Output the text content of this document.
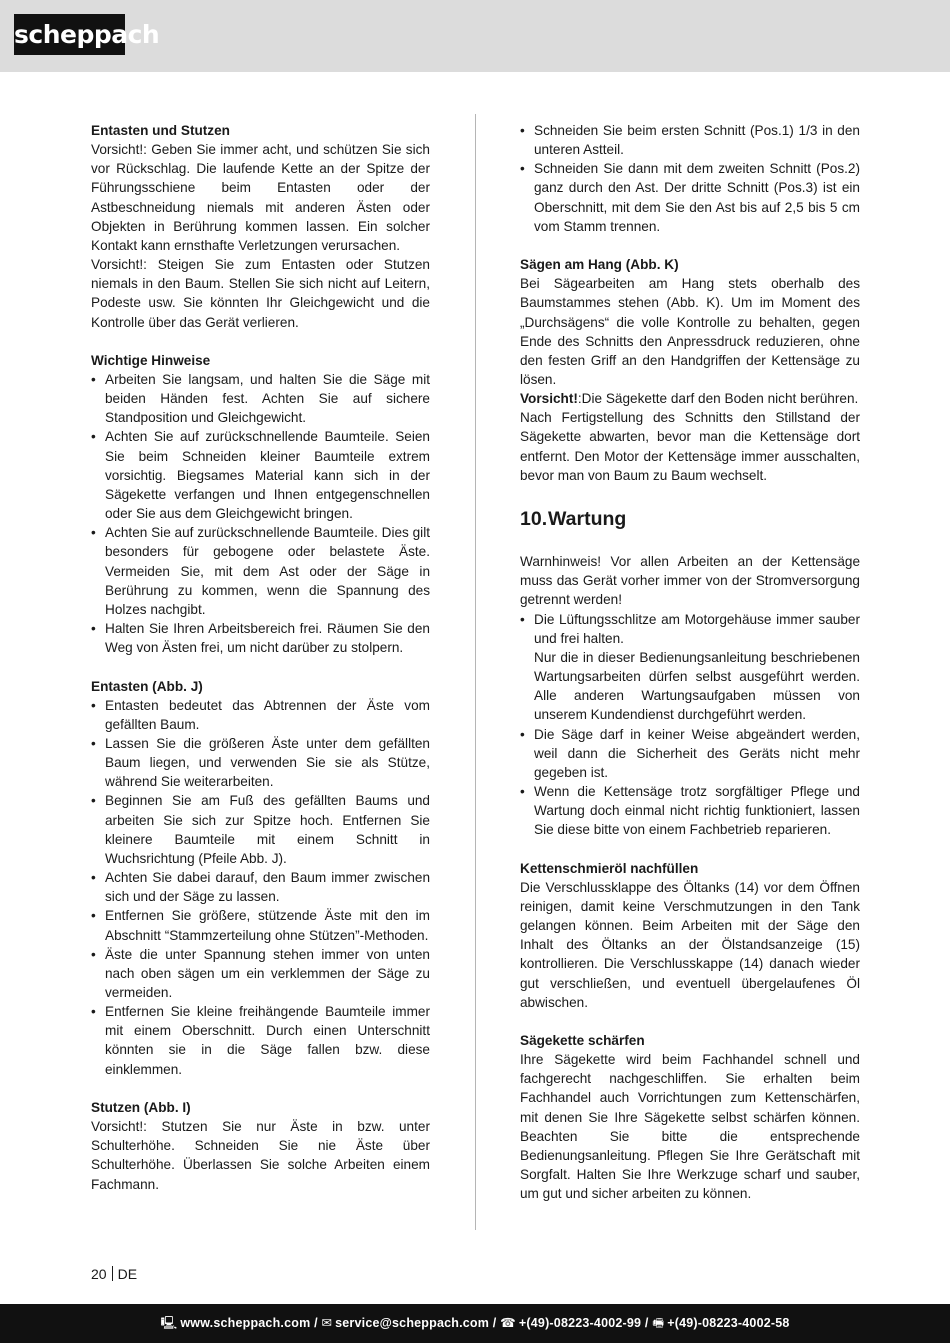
scheppach
Entasten und Stutzen
Vorsicht!: Geben Sie immer acht, und schützen Sie sich vor Rückschlag. Die laufende Kette an der Spitze der Führungsschiene beim Entasten oder der Astbeschneidung niemals mit anderen Ästen oder Objekten in Berührung kommen lassen. Ein solcher Kontakt kann ernsthafte Verletzungen verursachen.
Vorsicht!: Steigen Sie zum Entasten oder Stutzen niemals in den Baum. Stellen Sie sich nicht auf Leitern, Podeste usw. Sie könnten Ihr Gleichgewicht und die Kontrolle über das Gerät verlieren.
Wichtige Hinweise
• Arbeiten Sie langsam, und halten Sie die Säge mit beiden Händen fest. Achten Sie auf sichere Standposition und Gleichgewicht.
• Achten Sie auf zurückschnellende Baumteile. Seien Sie beim Schneiden kleiner Baumteile extrem vorsichtig. Biegsames Material kann sich in der Sägekette verfangen und Ihnen entgegenschnellen oder Sie aus dem Gleichgewicht bringen.
• Achten Sie auf zurückschnellende Baumteile. Dies gilt besonders für gebogene oder belastete Äste. Vermeiden Sie, mit dem Ast oder der Säge in Berührung zu kommen, wenn die Spannung des Holzes nachgibt.
• Halten Sie Ihren Arbeitsbereich frei. Räumen Sie den Weg von Ästen frei, um nicht darüber zu stolpern.
Entasten (Abb. J)
• Entasten bedeutet das Abtrennen der Äste vom gefällten Baum.
• Lassen Sie die größeren Äste unter dem gefällten Baum liegen, und verwenden Sie sie als Stütze, während Sie weiterarbeiten.
• Beginnen Sie am Fuß des gefällten Baums und arbeiten Sie sich zur Spitze hoch. Entfernen Sie kleinere Baumteile mit einem Schnitt in Wuchsrichtung (Pfeile Abb. J).
• Achten Sie dabei darauf, den Baum immer zwischen sich und der Säge zu lassen.
• Entfernen Sie größere, stützende Äste mit den im Abschnitt “Stammzerteilung ohne Stützen”-Methoden.
• Äste die unter Spannung stehen immer von unten nach oben sägen um ein verklemmen der Säge zu vermeiden.
• Entfernen Sie kleine freihängende Baumteile immer mit einem Oberschnitt. Durch einen Unterschnitt könnten sie in die Säge fallen bzw. diese einklemmen.
Stutzen (Abb. I)
Vorsicht!: Stutzen Sie nur Äste in bzw. unter Schulterhöhe. Schneiden Sie nie Äste über Schulterhöhe. Überlassen Sie solche Arbeiten einem Fachmann.
• Schneiden Sie beim ersten Schnitt (Pos.1) 1/3 in den unteren Astteil.
• Schneiden Sie dann mit dem zweiten Schnitt (Pos.2) ganz durch den Ast. Der dritte Schnitt (Pos.3) ist ein Oberschnitt, mit dem Sie den Ast bis auf 2,5 bis 5 cm vom Stamm trennen.
Sägen am Hang (Abb. K)
Bei Sägearbeiten am Hang stets oberhalb des Baumstammes stehen (Abb. K). Um im Moment des „Durchsägens“ die volle Kontrolle zu behalten, gegen Ende des Schnitts den Anpressdruck reduzieren, ohne den festen Griff an den Handgriffen der Kettensäge zu lösen.
Vorsicht!:Die Sägekette darf den Boden nicht berühren.
Nach Fertigstellung des Schnitts den Stillstand der Sägekette abwarten, bevor man die Kettensäge dort entfernt. Den Motor der Kettensäge immer ausschalten, bevor man von Baum zu Baum wechselt.
10.Wartung
Warnhinweis! Vor allen Arbeiten an der Kettensäge muss das Gerät vorher immer von der Stromversorgung getrennt werden!
• Die Lüftungsschlitze am Motorgehäuse immer sauber und frei halten.
Nur die in dieser Bedienungsanleitung beschriebenen Wartungsarbeiten dürfen selbst ausgeführt werden. Alle anderen Wartungsaufgaben müssen von unserem Kundendienst durchgeführt werden.
• Die Säge darf in keiner Weise abgeändert werden, weil dann die Sicherheit des Geräts nicht mehr gegeben ist.
• Wenn die Kettensäge trotz sorgfältiger Pflege und Wartung doch einmal nicht richtig funktioniert, lassen Sie diese bitte von einem Fachbetrieb reparieren.
Kettenschmieröl nachfüllen
Die Verschlussklappe des Öltanks (14) vor dem Öffnen reinigen, damit keine Verschmutzungen in den Tank gelangen können. Beim Arbeiten mit der Säge den Inhalt des Öltanks an der Ölstandsanzeige (15) kontrollieren. Die Verschlusskappe (14) danach wieder gut verschließen, und eventuell übergelaufenes Öl abwischen.
Sägekette schärfen
Ihre Sägekette wird beim Fachhandel schnell und fachgerecht nachgeschliffen. Sie erhalten beim Fachhandel auch Vorrichtungen zum Kettenschärfen, mit denen Sie Ihre Sägekette selbst schärfen können. Beachten Sie bitte die entsprechende Bedienungsanleitung. Pflegen Sie Ihre Gerätschaft mit Sorgfalt. Halten Sie Ihre Werkzuge scharf und sauber, um gut und sicher arbeiten zu können.
20 DE
🖳 www.scheppach.com / ✉ service@scheppach.com / ☎ +(49)-08223-4002-99 / 🖷 +(49)-08223-4002-58
